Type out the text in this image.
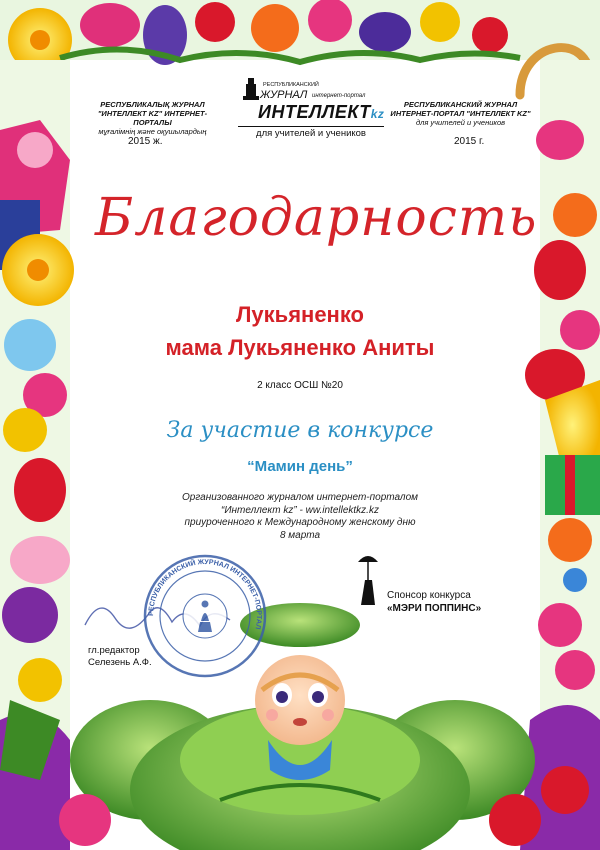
РЕСПУБЛИКАЛЫҚ ЖУРНАЛ
"ИНТЕЛЛЕКТ KZ" ИНТЕРНЕТ-ПОРТАЛЫ
мұғалімнің және оқушылардың
2015 ж.
РЕСПУБЛИКАНСКИЙ
ЖУРНАЛ интернет-портал
ИНТЕЛЛЕКТkz
для учителей и учеников
РЕСПУБЛИКАНСКИЙ ЖУРНАЛ
ИНТЕРНЕТ-ПОРТАЛ "ИНТЕЛЛЕКТ KZ"
для учителей и учеников
2015 г.
Благодарность
Лукьяненко
мама Лукьяненко Аниты
2 класс ОСШ №20
За участие в конкурсе
“Мамин день”
Организованного журналом интернет-порталом
“Интеллект kz” - ww.intellektkz.kz
приуроченного к Международному женскому дню
8 марта
Спонсор конкурса
«МЭРИ ПОППИНС»
гл.редактор
Селезень А.Ф.
РЕСПУБЛИКАНСКИЙ ЖУРНАЛ ИНТЕРНЕТ-ПОРТАЛ
